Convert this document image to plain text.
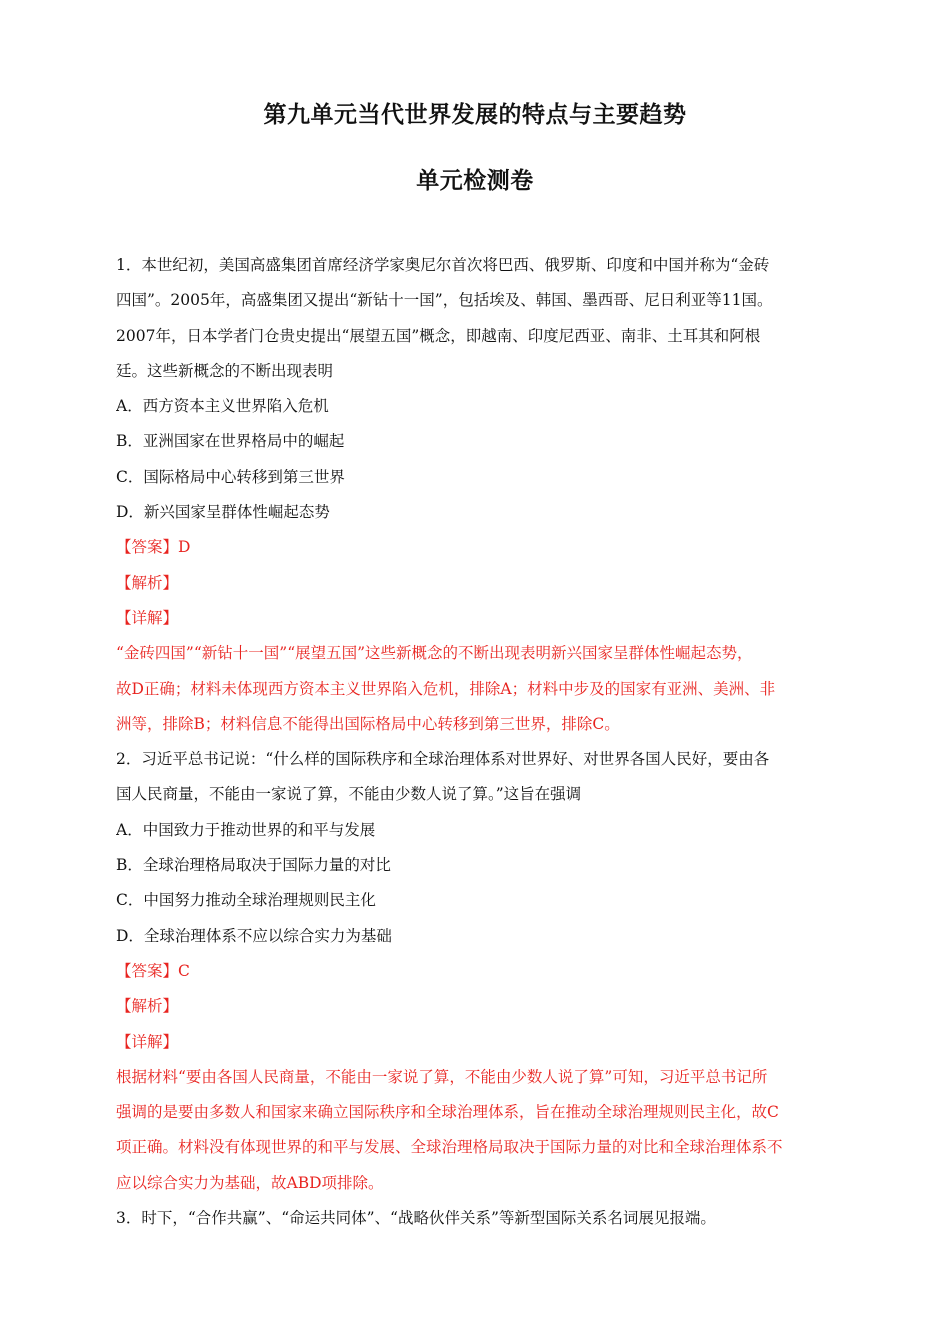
第九单元当代世界发展的特点与主要趋势
单元检测卷
1．本世纪初，美国高盛集团首席经济学家奥尼尔首次将巴西、俄罗斯、印度和中国并称为“金砖
四国”。2005年，高盛集团又提出“新钻十一国”，包括埃及、韩国、墨西哥、尼日利亚等11国。
2007年，日本学者门仓贵史提出“展望五国”概念，即越南、印度尼西亚、南非、土耳其和阿根
廷。这些新概念的不断出现表明
A．西方资本主义世界陷入危机
B．亚洲国家在世界格局中的崛起
C．国际格局中心转移到第三世界
D．新兴国家呈群体性崛起态势
【答案】D
【解析】
【详解】
“金砖四国”“新钻十一国”“展望五国”这些新概念的不断出现表明新兴国家呈群体性崛起态势，
故D正确；材料未体现西方资本主义世界陷入危机，排除A；材料中步及的国家有亚洲、美洲、非
洲等，排除B；材料信息不能得出国际格局中心转移到第三世界，排除C。
2．习近平总书记说：“什么样的国际秩序和全球治理体系对世界好、对世界各国人民好，要由各
国人民商量，不能由一家说了算，不能由少数人说了算。”这旨在强调
A．中国致力于推动世界的和平与发展
B．全球治理格局取决于国际力量的对比
C．中国努力推动全球治理规则民主化
D．全球治理体系不应以综合实力为基础
【答案】C
【解析】
【详解】
根据材料“要由各国人民商量，不能由一家说了算，不能由少数人说了算”可知，习近平总书记所
强调的是要由多数人和国家来确立国际秩序和全球治理体系，旨在推动全球治理规则民主化，故C
项正确。材料没有体现世界的和平与发展、全球治理格局取决于国际力量的对比和全球治理体系不
应以综合实力为基础，故ABD项排除。
3．时下，“合作共赢”、“命运共同体”、“战略伙伴关系”等新型国际关系名词展见报端。
